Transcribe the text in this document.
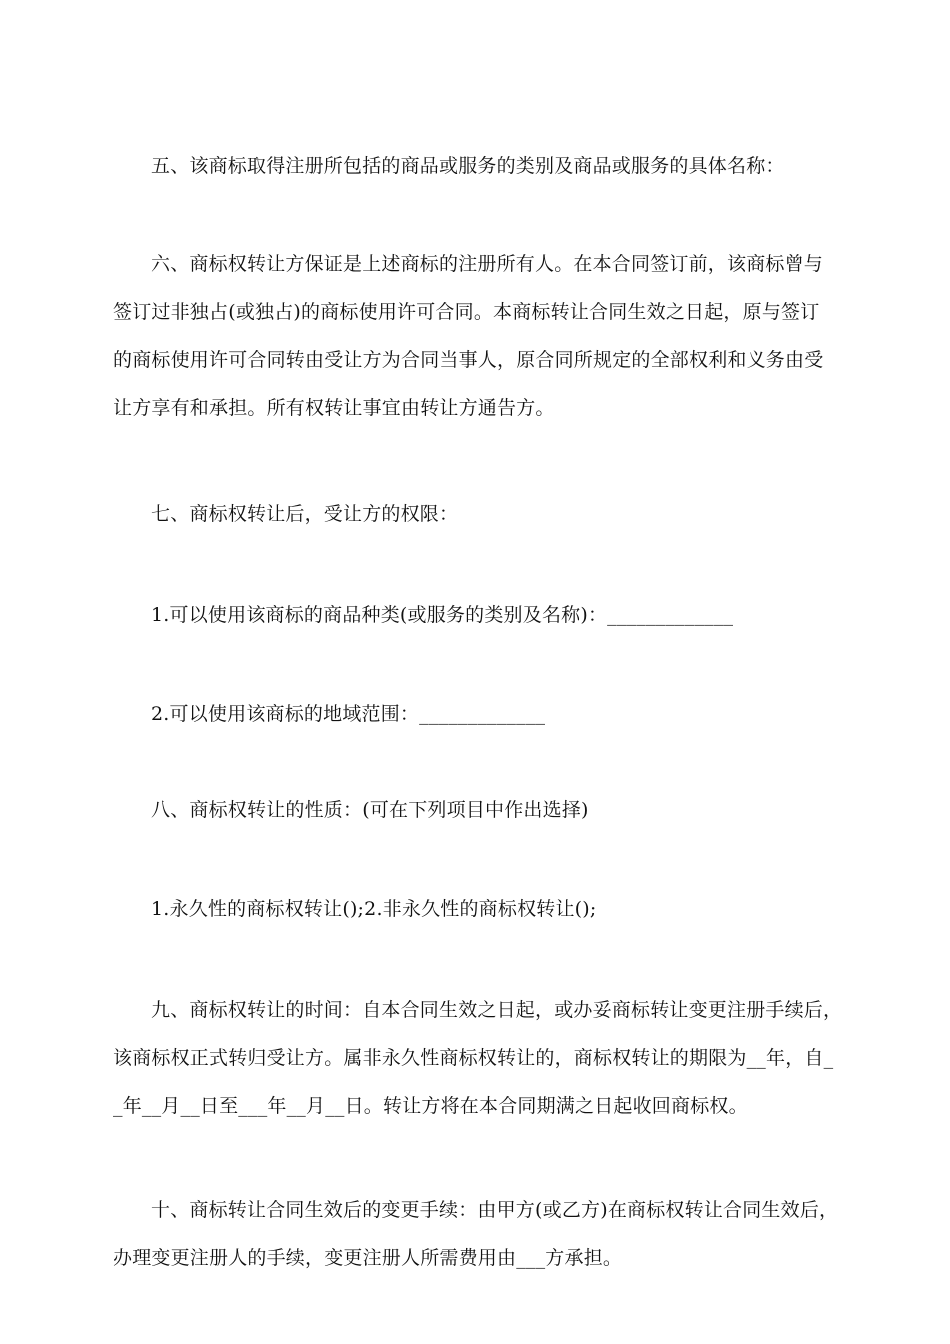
五、该商标取得注册所包括的商品或服务的类别及商品或服务的具体名称：

六、商标权转让方保证是上述商标的注册所有人。在本合同签订前，该商标曾与
签订过非独占(或独占)的商标使用许可合同。本商标转让合同生效之日起，原与签订
的商标使用许可合同转由受让方为合同当事人，原合同所规定的全部权利和义务由受
让方享有和承担。所有权转让事宜由转让方通告方。

七、商标权转让后，受让方的权限：

1.可以使用该商标的商品种类(或服务的类别及名称)：_____________

2.可以使用该商标的地域范围：_____________

八、商标权转让的性质：(可在下列项目中作出选择)

1.永久性的商标权转让();2.非永久性的商标权转让();

九、商标权转让的时间：自本合同生效之日起，或办妥商标转让变更注册手续后，
该商标权正式转归受让方。属非永久性商标权转让的，商标权转让的期限为__年，自_
_年__月__日至___年__月__日。转让方将在本合同期满之日起收回商标权。

十、商标转让合同生效后的变更手续：由甲方(或乙方)在商标权转让合同生效后，
办理变更注册人的手续，变更注册人所需费用由___方承担。
